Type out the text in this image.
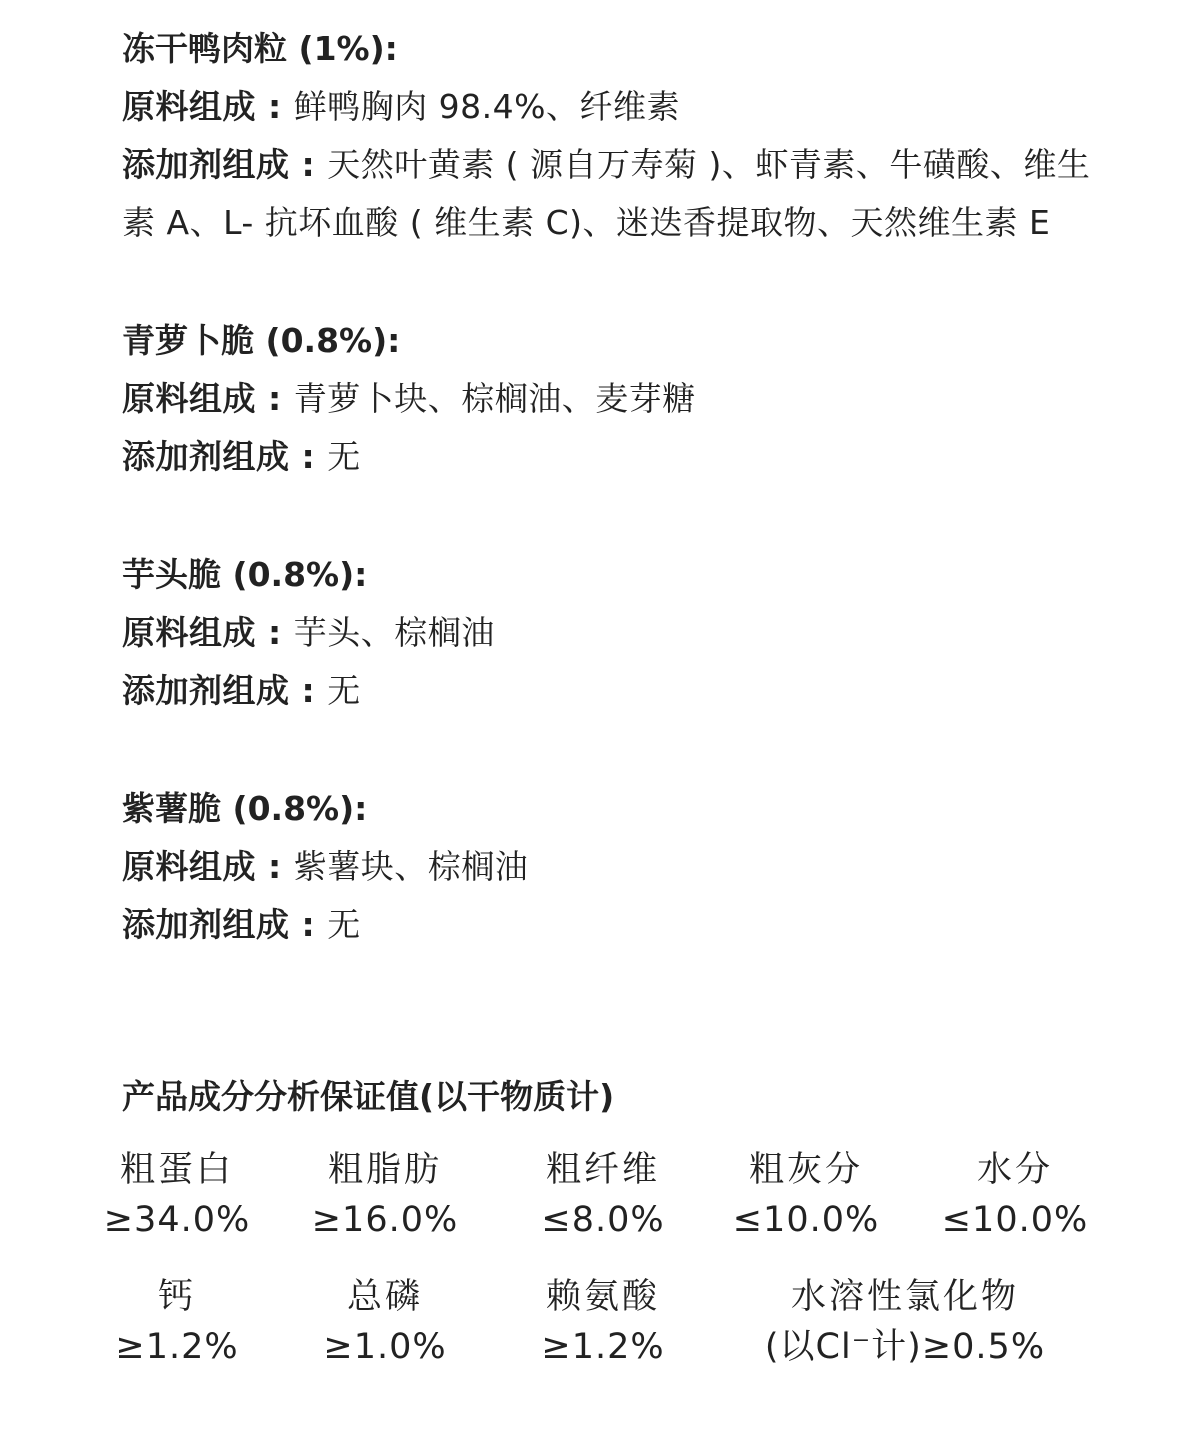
冻干鸭肉粒 (1%):
原料组成 : 鲜鸭胸肉 98.4%、纤维素
添加剂组成 : 天然叶黄素 ( 源自万寿菊 )、虾青素、牛磺酸、维生素 A、L- 抗坏血酸 ( 维生素 C)、迷迭香提取物、天然维生素 E
青萝卜脆 (0.8%):
原料组成 : 青萝卜块、棕榈油、麦芽糖
添加剂组成 : 无
芋头脆 (0.8%):
原料组成 : 芋头、棕榈油
添加剂组成 : 无
紫薯脆 (0.8%):
原料组成 : 紫薯块、棕榈油
添加剂组成 : 无
产品成分分析保证值(以干物质计)
粗蛋白
≥34.0%
粗脂肪
≥16.0%
粗纤维
≤8.0%
粗灰分
≤10.0%
水分
≤10.0%
钙
≥1.2%
总磷
≥1.0%
赖氨酸
≥1.2%
水溶性氯化物
(以Cl⁻计)≥0.5%
